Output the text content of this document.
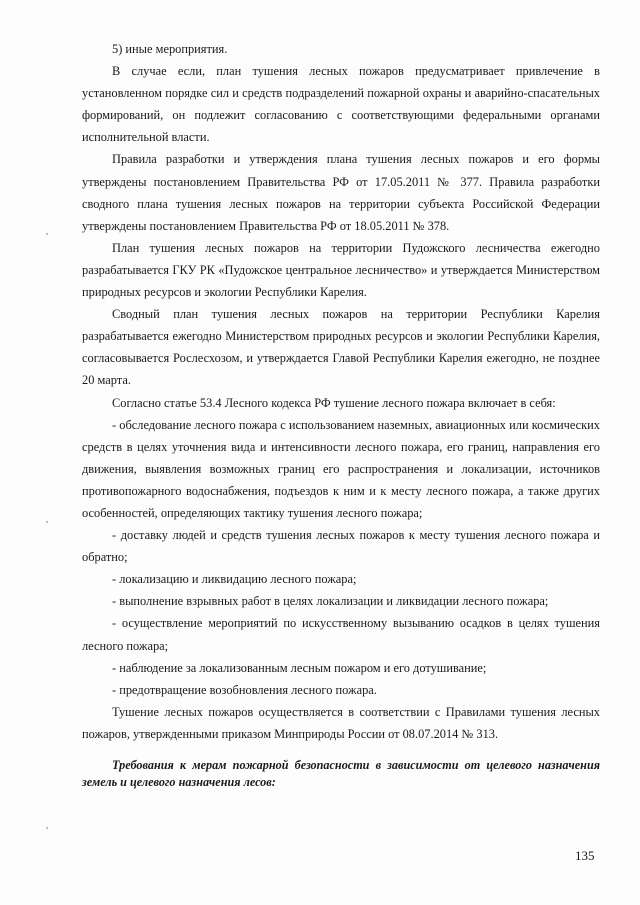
5) иные мероприятия.

В случае если, план тушения лесных пожаров предусматривает привлечение в установленном порядке сил и средств подразделений пожарной охраны и аварийно-спасательных формирований, он подлежит согласованию с соответствующими федеральными органами исполнительной власти.

Правила разработки и утверждения плана тушения лесных пожаров и его формы утверждены постановлением Правительства РФ от 17.05.2011 № 377. Правила разработки сводного плана тушения лесных пожаров на территории субъекта Российской Федерации утверждены постановлением Правительства РФ от 18.05.2011 № 378.

План тушения лесных пожаров на территории Пудожского лесничества ежегодно разрабатывается ГКУ РК «Пудожское центральное лесничество» и утверждается Министерством природных ресурсов и экологии Республики Карелия.

Сводный план тушения лесных пожаров на территории Республики Карелия разрабатывается ежегодно Министерством природных ресурсов и экологии Республики Карелия, согласовывается Рослесхозом, и утверждается Главой Республики Карелия ежегодно, не позднее 20 марта.

Согласно статье 53.4 Лесного кодекса РФ тушение лесного пожара включает в себя:

- обследование лесного пожара с использованием наземных, авиационных или космических средств в целях уточнения вида и интенсивности лесного пожара, его границ, направления его движения, выявления возможных границ его распространения и локализации, источников противопожарного водоснабжения, подъездов к ним и к месту лесного пожара, а также других особенностей, определяющих тактику тушения лесного пожара;

- доставку людей и средств тушения лесных пожаров к месту тушения лесного пожара и обратно;

- локализацию и ликвидацию лесного пожара;

- выполнение взрывных работ в целях локализации и ликвидации лесного пожара;

- осуществление мероприятий по искусственному вызыванию осадков в целях тушения лесного пожара;

- наблюдение за локализованным лесным пожаром и его дотушивание;

- предотвращение возобновления лесного пожара.

Тушение лесных пожаров осуществляется в соответствии с Правилами тушения лесных пожаров, утвержденными приказом Минприроды России от 08.07.2014 № 313.

Требования к мерам пожарной безопасности в зависимости от целевого назначения земель и целевого назначения лесов:

135
,
,
,
